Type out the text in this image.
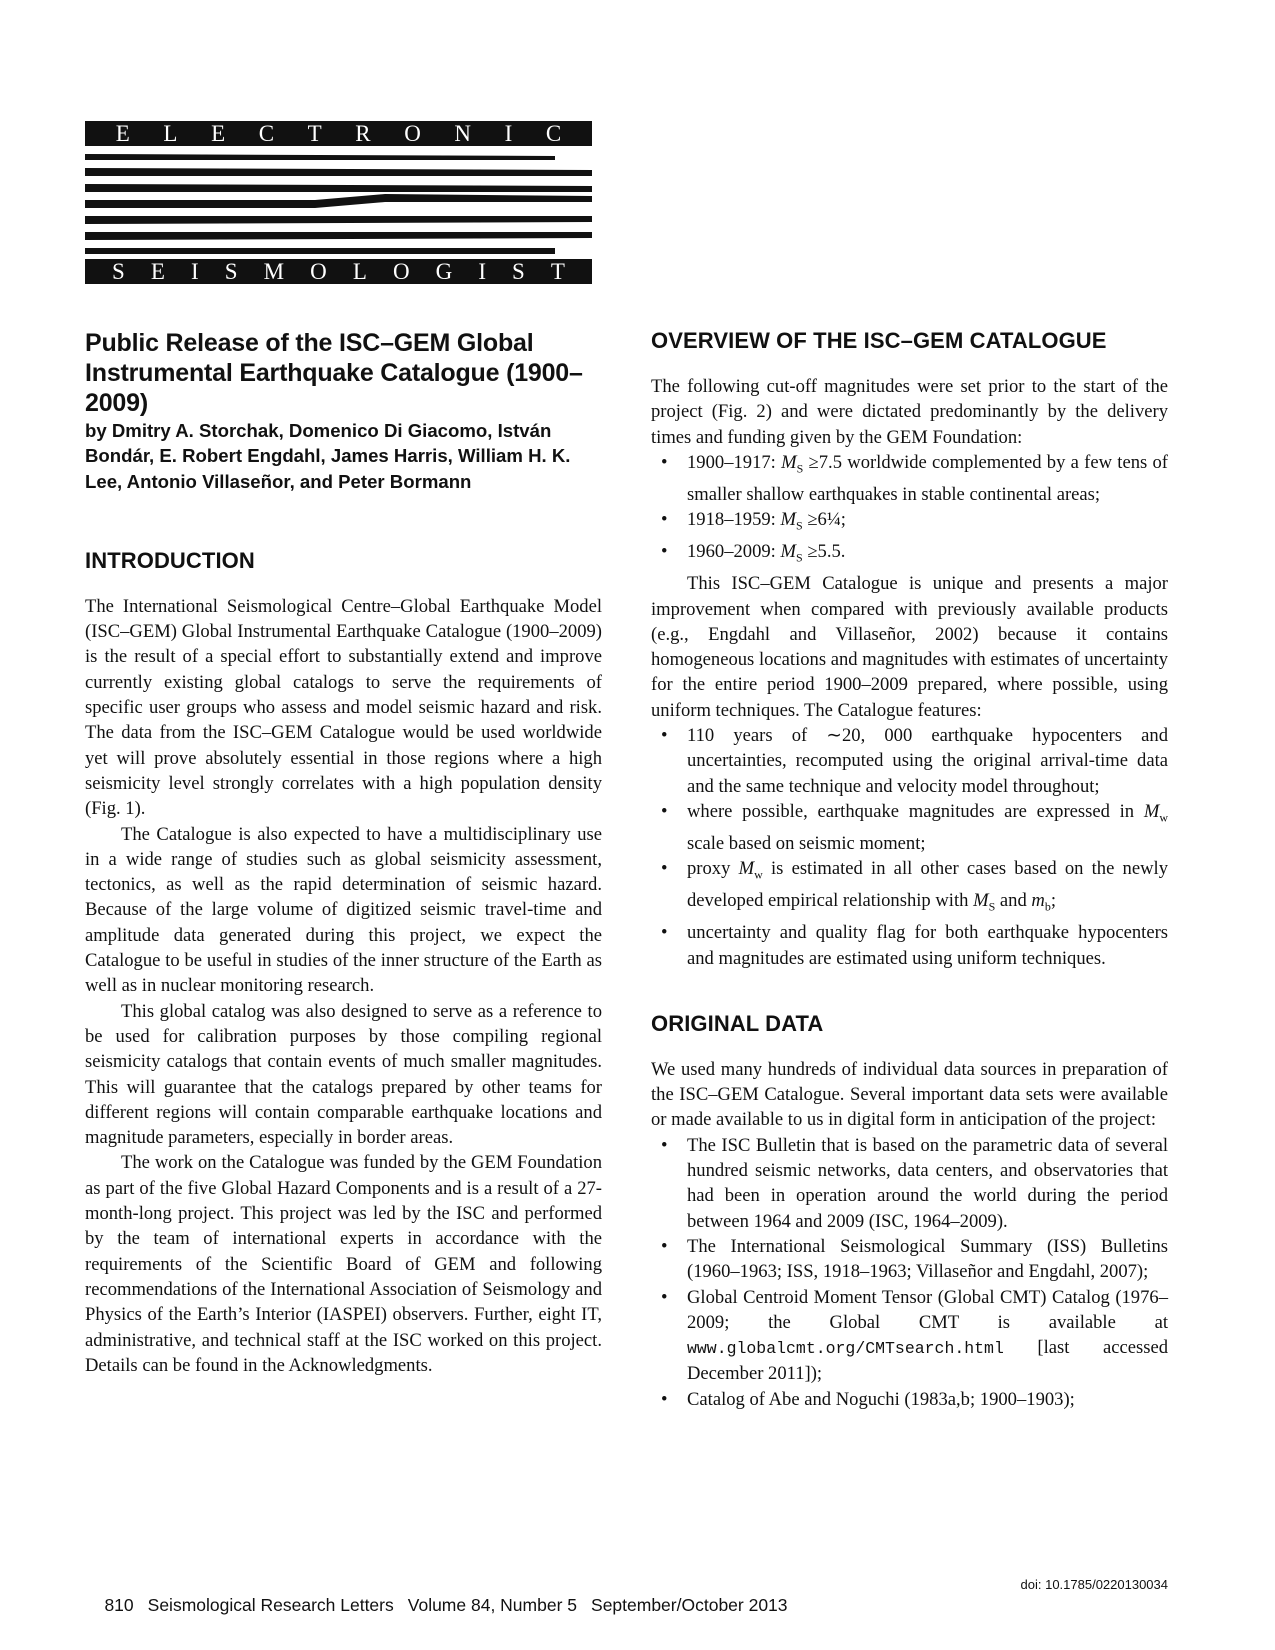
E L E C T R O N I C
S E I S M O L O G I S T
Public Release of the ISC–GEM Global Instrumental Earthquake Catalogue (1900–2009)

by Dmitry A. Storchak, Domenico Di Giacomo, István Bondár, E. Robert Engdahl, James Harris, William H. K. Lee, Antonio Villaseñor, and Peter Bormann

INTRODUCTION

The International Seismological Centre–Global Earthquake Model (ISC–GEM) Global Instrumental Earthquake Catalogue (1900–2009) is the result of a special effort to substantially extend and improve currently existing global catalogs to serve the requirements of specific user groups who assess and model seismic hazard and risk. The data from the ISC–GEM Catalogue would be used worldwide yet will prove absolutely essential in those regions where a high seismicity level strongly correlates with a high population density (Fig. 1).

The Catalogue is also expected to have a multidisciplinary use in a wide range of studies such as global seismicity assessment, tectonics, as well as the rapid determination of seismic hazard. Because of the large volume of digitized seismic travel-time and amplitude data generated during this project, we expect the Catalogue to be useful in studies of the inner structure of the Earth as well as in nuclear monitoring research.

This global catalog was also designed to serve as a reference to be used for calibration purposes by those compiling regional seismicity catalogs that contain events of much smaller magnitudes. This will guarantee that the catalogs prepared by other teams for different regions will contain comparable earthquake locations and magnitude parameters, especially in border areas.

The work on the Catalogue was funded by the GEM Foundation as part of the five Global Hazard Components and is a result of a 27-month-long project. This project was led by the ISC and performed by the team of international experts in accordance with the requirements of the Scientific Board of GEM and following recommendations of the International Association of Seismology and Physics of the Earth’s Interior (IASPEI) observers. Further, eight IT, administrative, and technical staff at the ISC worked on this project. Details can be found in the Acknowledgments.

OVERVIEW OF THE ISC–GEM CATALOGUE

The following cut-off magnitudes were set prior to the start of the project (Fig. 2) and were dictated predominantly by the delivery times and funding given by the GEM Foundation:

• 1900–1917: $M_S \ge 7.5$ worldwide complemented by a few tens of smaller shallow earthquakes in stable continental areas;
• 1918–1959: $M_S$ ≥6¼;
• 1960–2009: $M_S \ge 5.5$.

This ISC–GEM Catalogue is unique and presents a major improvement when compared with previously available products (e.g., Engdahl and Villaseñor, 2002) because it contains homogeneous locations and magnitudes with estimates of uncertainty for the entire period 1900–2009 prepared, where possible, using uniform techniques. The Catalogue features:

• 110 years of ∼20, 000 earthquake hypocenters and uncertainties, recomputed using the original arrival-time data and the same technique and velocity model throughout;
• where possible, earthquake magnitudes are expressed in $M_w$ scale based on seismic moment;
• proxy $M_w$ is estimated in all other cases based on the newly developed empirical relationship with $M_S$ and $m_b$;
• uncertainty and quality flag for both earthquake hypocenters and magnitudes are estimated using uniform techniques.
ORIGINAL DATA

We used many hundreds of individual data sources in preparation of the ISC–GEM Catalogue. Several important data sets were available or made available to us in digital form in anticipation of the project:

• The ISC Bulletin that is based on the parametric data of several hundred seismic networks, data centers, and observatories that had been in operation around the world during the period between 1964 and 2009 (ISC, 1964–2009).
• The International Seismological Summary (ISS) Bulletins (1960–1963; ISS, 1918–1963; Villaseñor and Engdahl, 2007);
• Global Centroid Moment Tensor (Global CMT) Catalog (1976–2009; the Global CMT is available at www.globalcmt.org/CMTsearch.html [last accessed December 2011]);
• Catalog of Abe and Noguchi (1983a,b; 1900–1903);

810 Seismological Research Letters Volume 84, Number 5 September/October 2013

doi: 10.1785/0220130034
